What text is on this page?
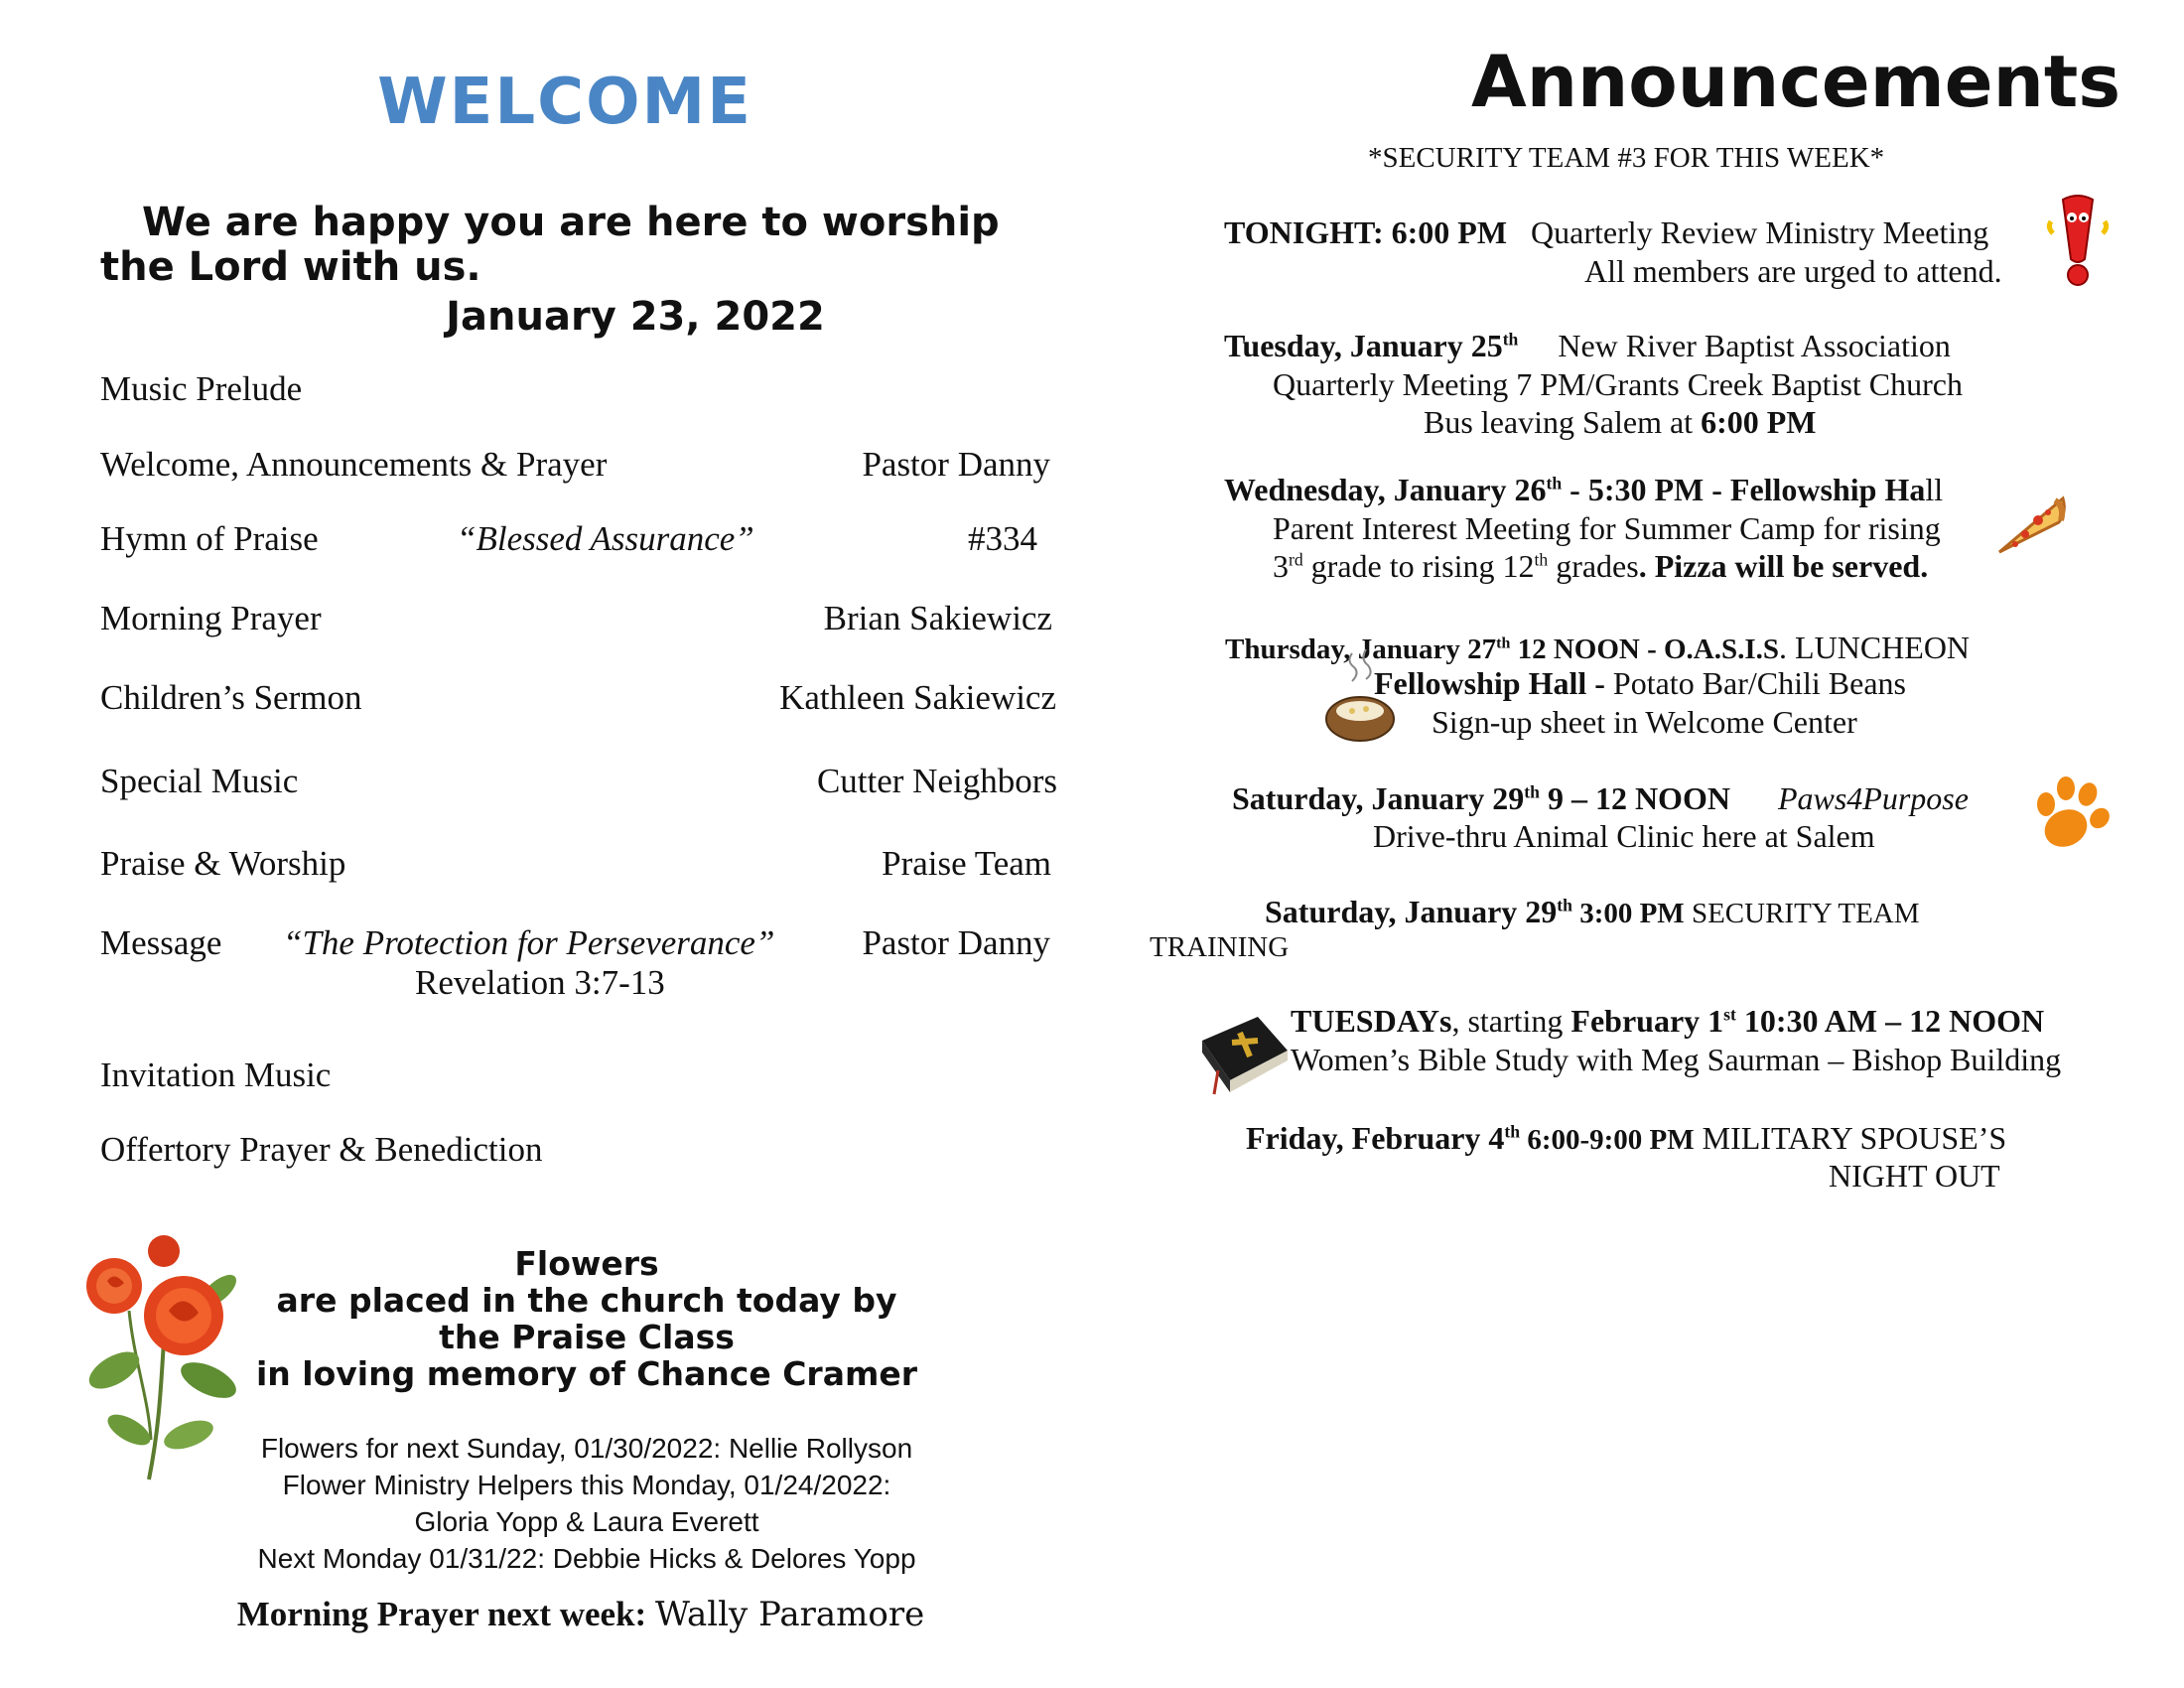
WELCOME
We are happy you are here to worship
the Lord with us.
January 23, 2022
Music Prelude
Welcome, Announcements & Prayer	Pastor Danny
Hymn of Praise	“Blessed Assurance”	#334
Morning Prayer	Brian Sakiewicz
Children’s Sermon	Kathleen Sakiewicz
Special Music	Cutter Neighbors
Praise & Worship	Praise Team
Message “The Protection for Perseverance”	Pastor Danny
Revelation 3:7-13
Invitation Music
Offertory Prayer & Benediction
Flowers
are placed in the church today by
the Praise Class
in loving memory of Chance Cramer
Flowers for next Sunday, 01/30/2022: Nellie Rollyson
Flower Ministry Helpers this Monday, 01/24/2022:
Gloria Yopp & Laura Everett
Next Monday 01/31/22: Debbie Hicks & Delores Yopp
Morning Prayer next week: Wally Paramore
Announcements
*SECURITY TEAM #3 FOR THIS WEEK*
TONIGHT: 6:00 PM Quarterly Review Ministry Meeting
All members are urged to attend.
Tuesday, January 25th New River Baptist Association
Quarterly Meeting 7 PM/Grants Creek Baptist Church
Bus leaving Salem at 6:00 PM
Wednesday, January 26th - 5:30 PM - Fellowship Hall
Parent Interest Meeting for Summer Camp for rising
3rd grade to rising 12th grades. Pizza will be served.
Thursday, January 27th 12 NOON - O.A.S.I.S. LUNCHEON
Fellowship Hall - Potato Bar/Chili Beans
Sign-up sheet in Welcome Center
Saturday, January 29th 9 – 12 NOON Paws4Purpose
Drive-thru Animal Clinic here at Salem
Saturday, January 29th 3:00 PM SECURITY TEAM
TRAINING
TUESDAYs, starting February 1st 10:30 AM – 12 NOON
Women’s Bible Study with Meg Saurman – Bishop Building
Friday, February 4th 6:00-9:00 PM MILITARY SPOUSE’S
NIGHT OUT
